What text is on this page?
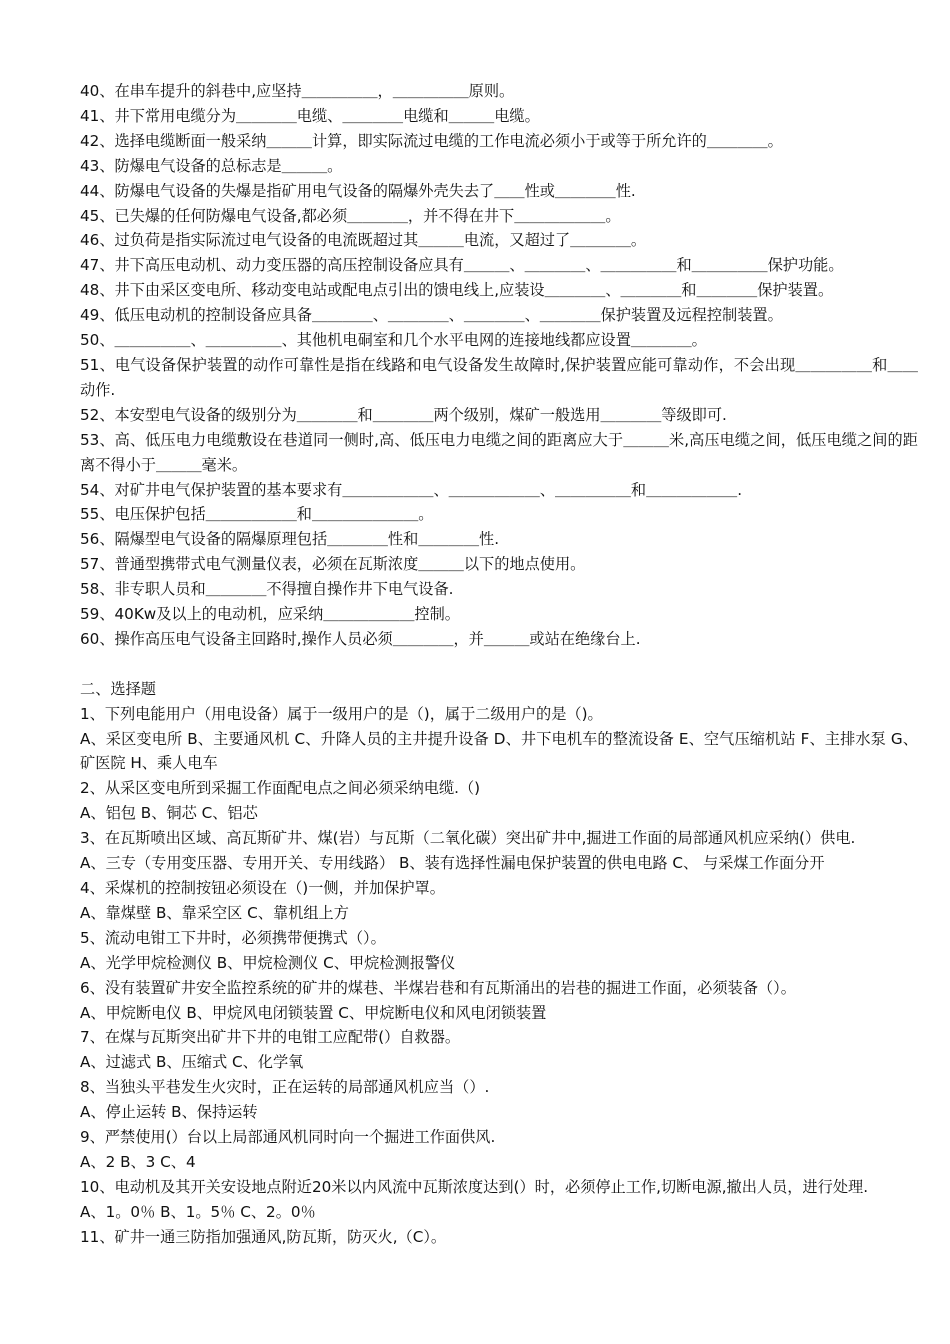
40、在串车提升的斜巷中,应坚持＿＿＿＿＿，＿＿＿＿＿原则。
41、井下常用电缆分为＿＿＿＿电缆、＿＿＿＿电缆和＿＿＿电缆。
42、选择电缆断面一般采纳＿＿＿计算，即实际流过电缆的工作电流必须小于或等于所允许的＿＿＿＿。
43、防爆电气设备的总标志是＿＿＿。
44、防爆电气设备的失爆是指矿用电气设备的隔爆外壳失去了＿＿性或＿＿＿＿性.
45、已失爆的任何防爆电气设备,都必须＿＿＿＿，并不得在井下＿＿＿＿＿＿。
46、过负荷是指实际流过电气设备的电流既超过其＿＿＿电流，又超过了＿＿＿＿。
47、井下高压电动机、动力变压器的高压控制设备应具有＿＿＿、＿＿＿＿、＿＿＿＿＿和＿＿＿＿＿保护功能。
48、井下由采区变电所、移动变电站或配电点引出的馈电线上,应装设＿＿＿＿、＿＿＿＿和＿＿＿＿保护装置。
49、低压电动机的控制设备应具备＿＿＿＿、＿＿＿＿、＿＿＿＿、＿＿＿＿保护装置及远程控制装置。
50、＿＿＿＿＿、＿＿＿＿＿、其他机电硐室和几个水平电网的连接地线都应设置＿＿＿＿。
51、电气设备保护装置的动作可靠性是指在线路和电气设备发生故障时,保护装置应能可靠动作，不会出现＿＿＿＿＿和＿＿动作.
52、本安型电气设备的级别分为＿＿＿＿和＿＿＿＿两个级别，煤矿一般选用＿＿＿＿等级即可.
53、高、低压电力电缆敷设在巷道同一侧时,高、低压电力电缆之间的距离应大于＿＿＿米,高压电缆之间，低压电缆之间的距离不得小于＿＿＿毫米。
54、对矿井电气保护装置的基本要求有＿＿＿＿＿＿、＿＿＿＿＿＿、＿＿＿＿＿和＿＿＿＿＿＿.
55、电压保护包括＿＿＿＿＿＿和＿＿＿＿＿＿＿。
56、隔爆型电气设备的隔爆原理包括＿＿＿＿性和＿＿＿＿性.
57、普通型携带式电气测量仪表，必须在瓦斯浓度＿＿＿以下的地点使用。
58、非专职人员和＿＿＿＿不得擅自操作井下电气设备.
59、40Kw及以上的电动机，应采纳＿＿＿＿＿＿控制。
60、操作高压电气设备主回路时,操作人员必须＿＿＿＿，并＿＿＿或站在绝缘台上.
二、选择题
1、下列电能用户（用电设备）属于一级用户的是（)，属于二级用户的是（)。
A、采区变电所 B、主要通风机 C、升降人员的主井提升设备 D、井下电机车的整流设备 E、空气压缩机站 F、主排水泵 G、矿医院 H、乘人电车
2、从采区变电所到采掘工作面配电点之间必须采纳电缆.（)
A、铝包 B、铜芯 C、铝芯
3、在瓦斯喷出区域、高瓦斯矿井、煤(岩）与瓦斯（二氧化碳）突出矿井中,掘进工作面的局部通风机应采纳(）供电.
A、三专（专用变压器、专用开关、专用线路） B、装有选择性漏电保护装置的供电电路 C、 与采煤工作面分开
4、采煤机的控制按钮必须设在（)一侧，并加保护罩。
A、靠煤壁 B、靠采空区 C、靠机组上方
5、流动电钳工下井时，必须携带便携式（）。
A、光学甲烷检测仪 B、甲烷检测仪 C、甲烷检测报警仪
6、没有装置矿井安全监控系统的矿井的煤巷、半煤岩巷和有瓦斯涌出的岩巷的掘进工作面，必须装备（）。
A、甲烷断电仪 B、甲烷风电闭锁装置 C、甲烷断电仪和风电闭锁装置
7、在煤与瓦斯突出矿井下井的电钳工应配带(）自救器。
A、过滤式 B、压缩式 C、化学氧
8、当独头平巷发生火灾时，正在运转的局部通风机应当（）.
A、停止运转 B、保持运转
9、严禁使用(）台以上局部通风机同时向一个掘进工作面供风.
A、2 B、3 C、4
10、电动机及其开关安设地点附近20米以内风流中瓦斯浓度达到(）时，必须停止工作,切断电源,撤出人员，进行处理.
A、1。0％ B、1。5％ C、2。0％
11、矿井一通三防指加强通风,防瓦斯，防灭火,（C）。
